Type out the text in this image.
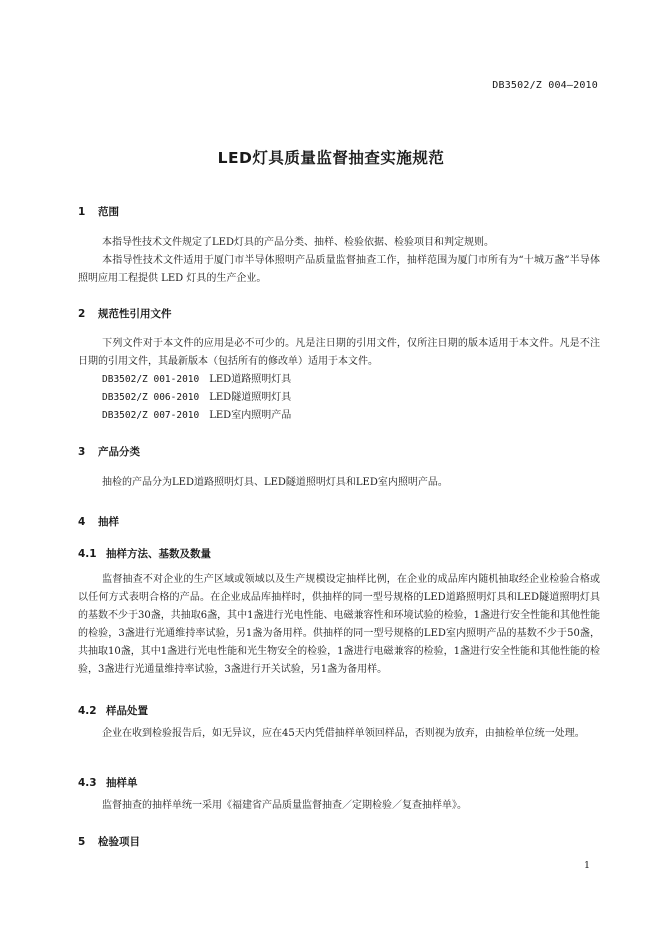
DB3502/Z 004—2010
LED灯具质量监督抽查实施规范
1 范围
本指导性技术文件规定了LED灯具的产品分类、抽样、检验依据、检验项目和判定规则。
本指导性技术文件适用于厦门市半导体照明产品质量监督抽查工作，抽样范围为厦门市所有为“十城万盏”半导体照明应用工程提供 LED 灯具的生产企业。
2 规范性引用文件
下列文件对于本文件的应用是必不可少的。凡是注日期的引用文件，仅所注日期的版本适用于本文件。凡是不注日期的引用文件，其最新版本（包括所有的修改单）适用于本文件。
DB3502/Z 001-2010 LED道路照明灯具
DB3502/Z 006-2010 LED隧道照明灯具
DB3502/Z 007-2010 LED室内照明产品
3 产品分类
抽检的产品分为LED道路照明灯具、LED隧道照明灯具和LED室内照明产品。
4 抽样
4.1 抽样方法、基数及数量
监督抽查不对企业的生产区域或领域以及生产规模设定抽样比例，在企业的成品库内随机抽取经企业检验合格或以任何方式表明合格的产品。在企业成品库抽样时，供抽样的同一型号规格的LED道路照明灯具和LED隧道照明灯具的基数不少于30盏，共抽取6盏，其中1盏进行光电性能、电磁兼容性和环境试验的检验，1盏进行安全性能和其他性能的检验，3盏进行光通维持率试验，另1盏为备用样。供抽样的同一型号规格的LED室内照明产品的基数不少于50盏，共抽取10盏，其中1盏进行光电性能和光生物安全的检验，1盏进行电磁兼容的检验，1盏进行安全性能和其他性能的检验，3盏进行光通量维持率试验，3盏进行开关试验，另1盏为备用样。
4.2 样品处置
企业在收到检验报告后，如无异议，应在45天内凭借抽样单领回样品，否则视为放弃，由抽检单位统一处理。
4.3 抽样单
监督抽查的抽样单统一采用《福建省产品质量监督抽查／定期检验／复查抽样单》。
5 检验项目
1
